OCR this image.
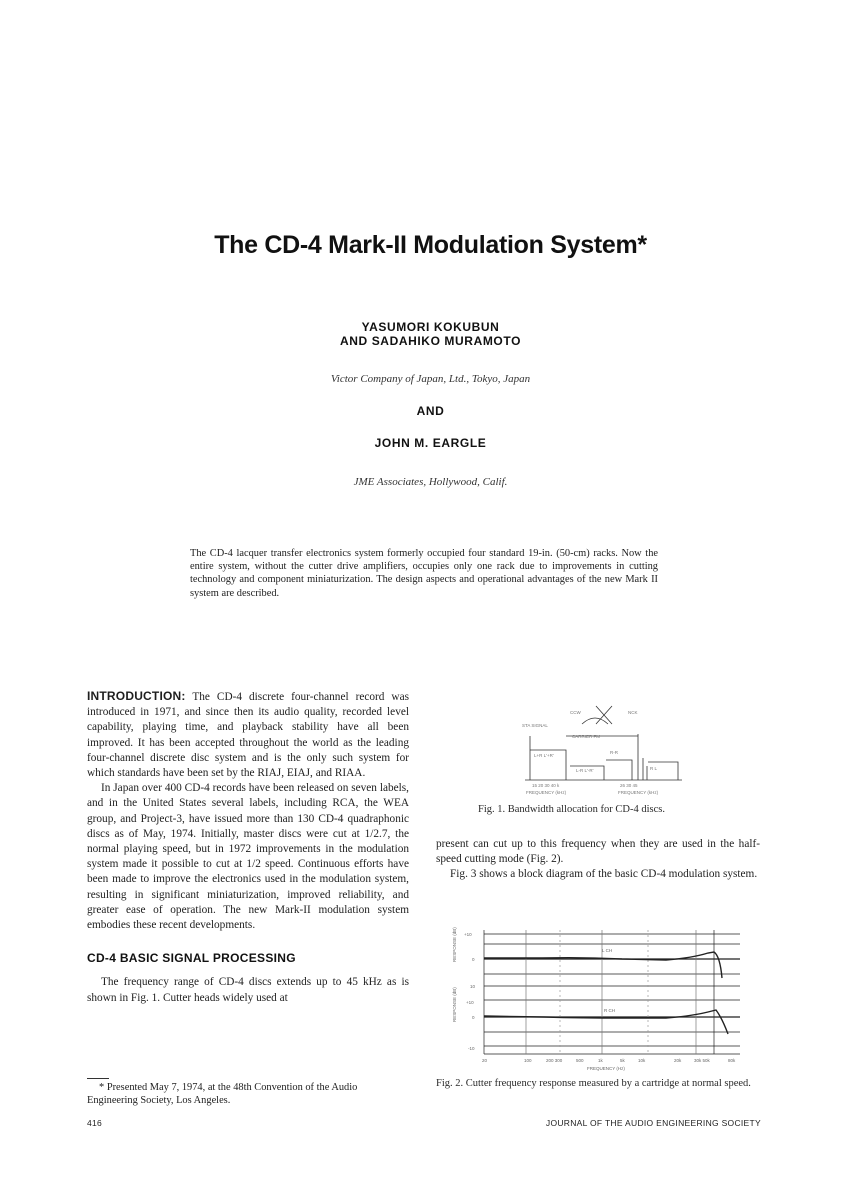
The CD-4 Mark-II Modulation System*
YASUMORI KOKUBUN
AND SADAHIKO MURAMOTO
Victor Company of Japan, Ltd., Tokyo, Japan
AND
JOHN M. EARGLE
JME Associates, Hollywood, Calif.
The CD-4 lacquer transfer electronics system formerly occupied four standard 19-in. (50-cm) racks. Now the entire system, without the cutter drive amplifiers, occupies only one rack due to improvements in cutting technology and component miniaturization. The design aspects and operational advantages of the new Mark II system are described.

INTRODUCTION: The CD-4 discrete four-channel record was introduced in 1971, and since then its audio quality, recorded level capability, playing time, and playback stability have all been improved. It has been accepted throughout the world as the leading four-channel discrete disc system and is the only such system for which standards have been set by the RIAJ, EIAJ, and RIAA.

In Japan over 400 CD-4 records have been released on seven labels, and in the United States several labels, including RCA, the WEA group, and Project-3, have issued more than 130 CD-4 quadraphonic discs as of May, 1974. Initially, master discs were cut at 1/2.7, the normal playing speed, but in 1972 improvements in the modulation system made it possible to cut at 1/2 speed. Continuous efforts have been made to improve the electronics used in the modulation system, resulting in significant miniaturization, improved reliability, and greater ease of operation. The new Mark-II modulation system embodies these recent developments.

CD-4 BASIC SIGNAL PROCESSING

The frequency range of CD-4 discs extends up to 45 kHz as is shown in Fig. 1. Cutter heads widely used at

CCW	NCK
STA SIGNAL
L+R L'+R'
CARRIER FM
L-R L'-R'
R-R
R L
15 20 30 40 k	26 30 45
FREQUENCY (kHz)	FREQUENCY (kHz)
Fig. 1. Bandwidth allocation for CD-4 discs.

present can cut up to this frequency when they are used in the half-speed cutting mode (Fig. 2).

Fig. 3 shows a block diagram of the basic CD-4 modulation system.

+10
0
10
+10
0
-10
RESPONSE (dB)
RESPONSE (dB)
20	100	200 300	500	1k	5k	10k	20k	30k 50k	80k
FREQUENCY (Hz)
L CH
R CH
Fig. 2. Cutter frequency response measured by a cartridge at normal speed.
* Presented May 7, 1974, at the 48th Convention of the Audio Engineering Society, Los Angeles.
416	JOURNAL OF THE AUDIO ENGINEERING SOCIETY
